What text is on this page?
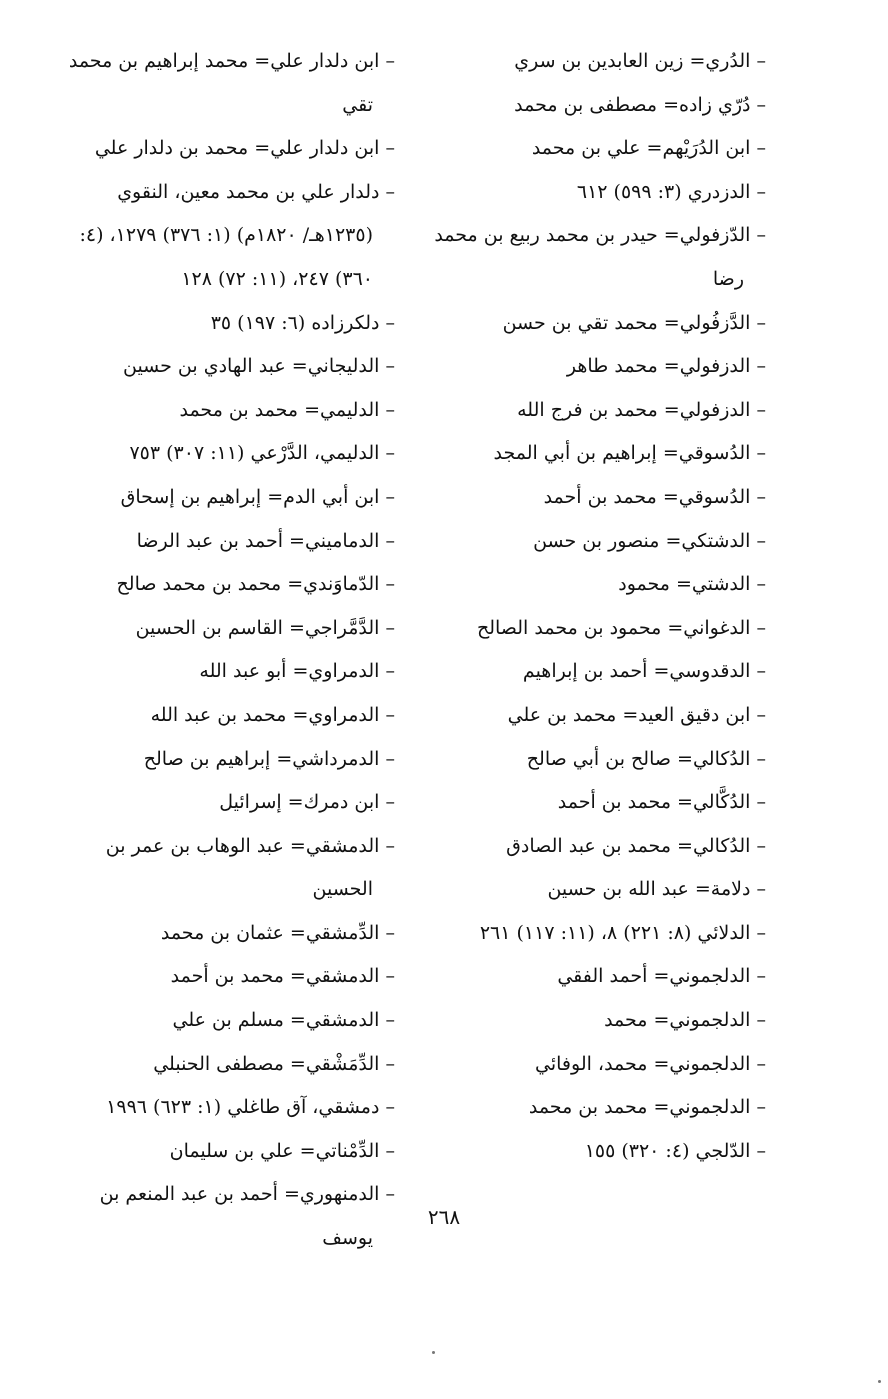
– الدُري= زين العابدين بن سري
– دُرّي زاده= مصطفى بن محمد
– ابن الدُرَيْهم= علي بن محمد
– الدزدري (٣: ٥٩٩) ٦١٢
– الدّزفولي= حيدر بن محمد ربيع بن محمد رضا
– الدَّزفُولي= محمد تقي بن حسن
– الدزفولي= محمد طاهر
– الدزفولي= محمد بن فرج الله
– الدُسوقي= إبراهيم بن أبي المجد
– الدُسوقي= محمد بن أحمد
– الدشتكي= منصور بن حسن
– الدشتي= محمود
– الدغواني= محمود بن محمد الصالح
– الدقدوسي= أحمد بن إبراهيم
– ابن دقيق العيد= محمد بن علي
– الدُكالي= صالح بن أبي صالح
– الدُكَّالي= محمد بن أحمد
– الدُكالي= محمد بن عبد الصادق
– دلامة= عبد الله بن حسين
– الدلائي (٨: ٢٢١) ٨، (١١: ١١٧) ٢٦١
– الدلجموني= أحمد الفقي
– الدلجموني= محمد
– الدلجموني= محمد، الوفائي
– الدلجموني= محمد بن محمد
– الدّلجي (٤: ٣٢٠) ١٥٥
– ابن دلدار علي= محمد إبراهيم بن محمد تقي
– ابن دلدار علي= محمد بن دلدار علي
– دلدار علي بن محمد معين، النقوي (١٢٣٥هـ/ ١٨٢٠م) (١: ٣٧٦) ١٢٧٩، (٤: ٣٦٠) ٢٤٧، (١١: ٧٢) ١٢٨
– دلكرزاده (٦: ١٩٧) ٣٥
– الدليجاني= عبد الهادي بن حسين
– الدليمي= محمد بن محمد
– الدليمي، الدَّرْعي (١١: ٣٠٧) ٧٥٣
– ابن أبي الدم= إبراهيم بن إسحاق
– الدماميني= أحمد بن عبد الرضا
– الدّماوَندي= محمد بن محمد صالح
– الدَّمَّراجي= القاسم بن الحسين
– الدمراوي= أبو عبد الله
– الدمراوي= محمد بن عبد الله
– الدمرداشي= إبراهيم بن صالح
– ابن دمرك= إسرائيل
– الدمشقي= عبد الوهاب بن عمر بن الحسين
– الدِّمشقي= عثمان بن محمد
– الدمشقي= محمد بن أحمد
– الدمشقي= مسلم بن علي
– الدِّمَشْقي= مصطفى الحنبلي
– دمشقي، آق طاغلي (١: ٦٢٣) ١٩٩٦
– الدِّمْناتي= علي بن سليمان
– الدمنهوري= أحمد بن عبد المنعم بن يوسف
٢٦٨
